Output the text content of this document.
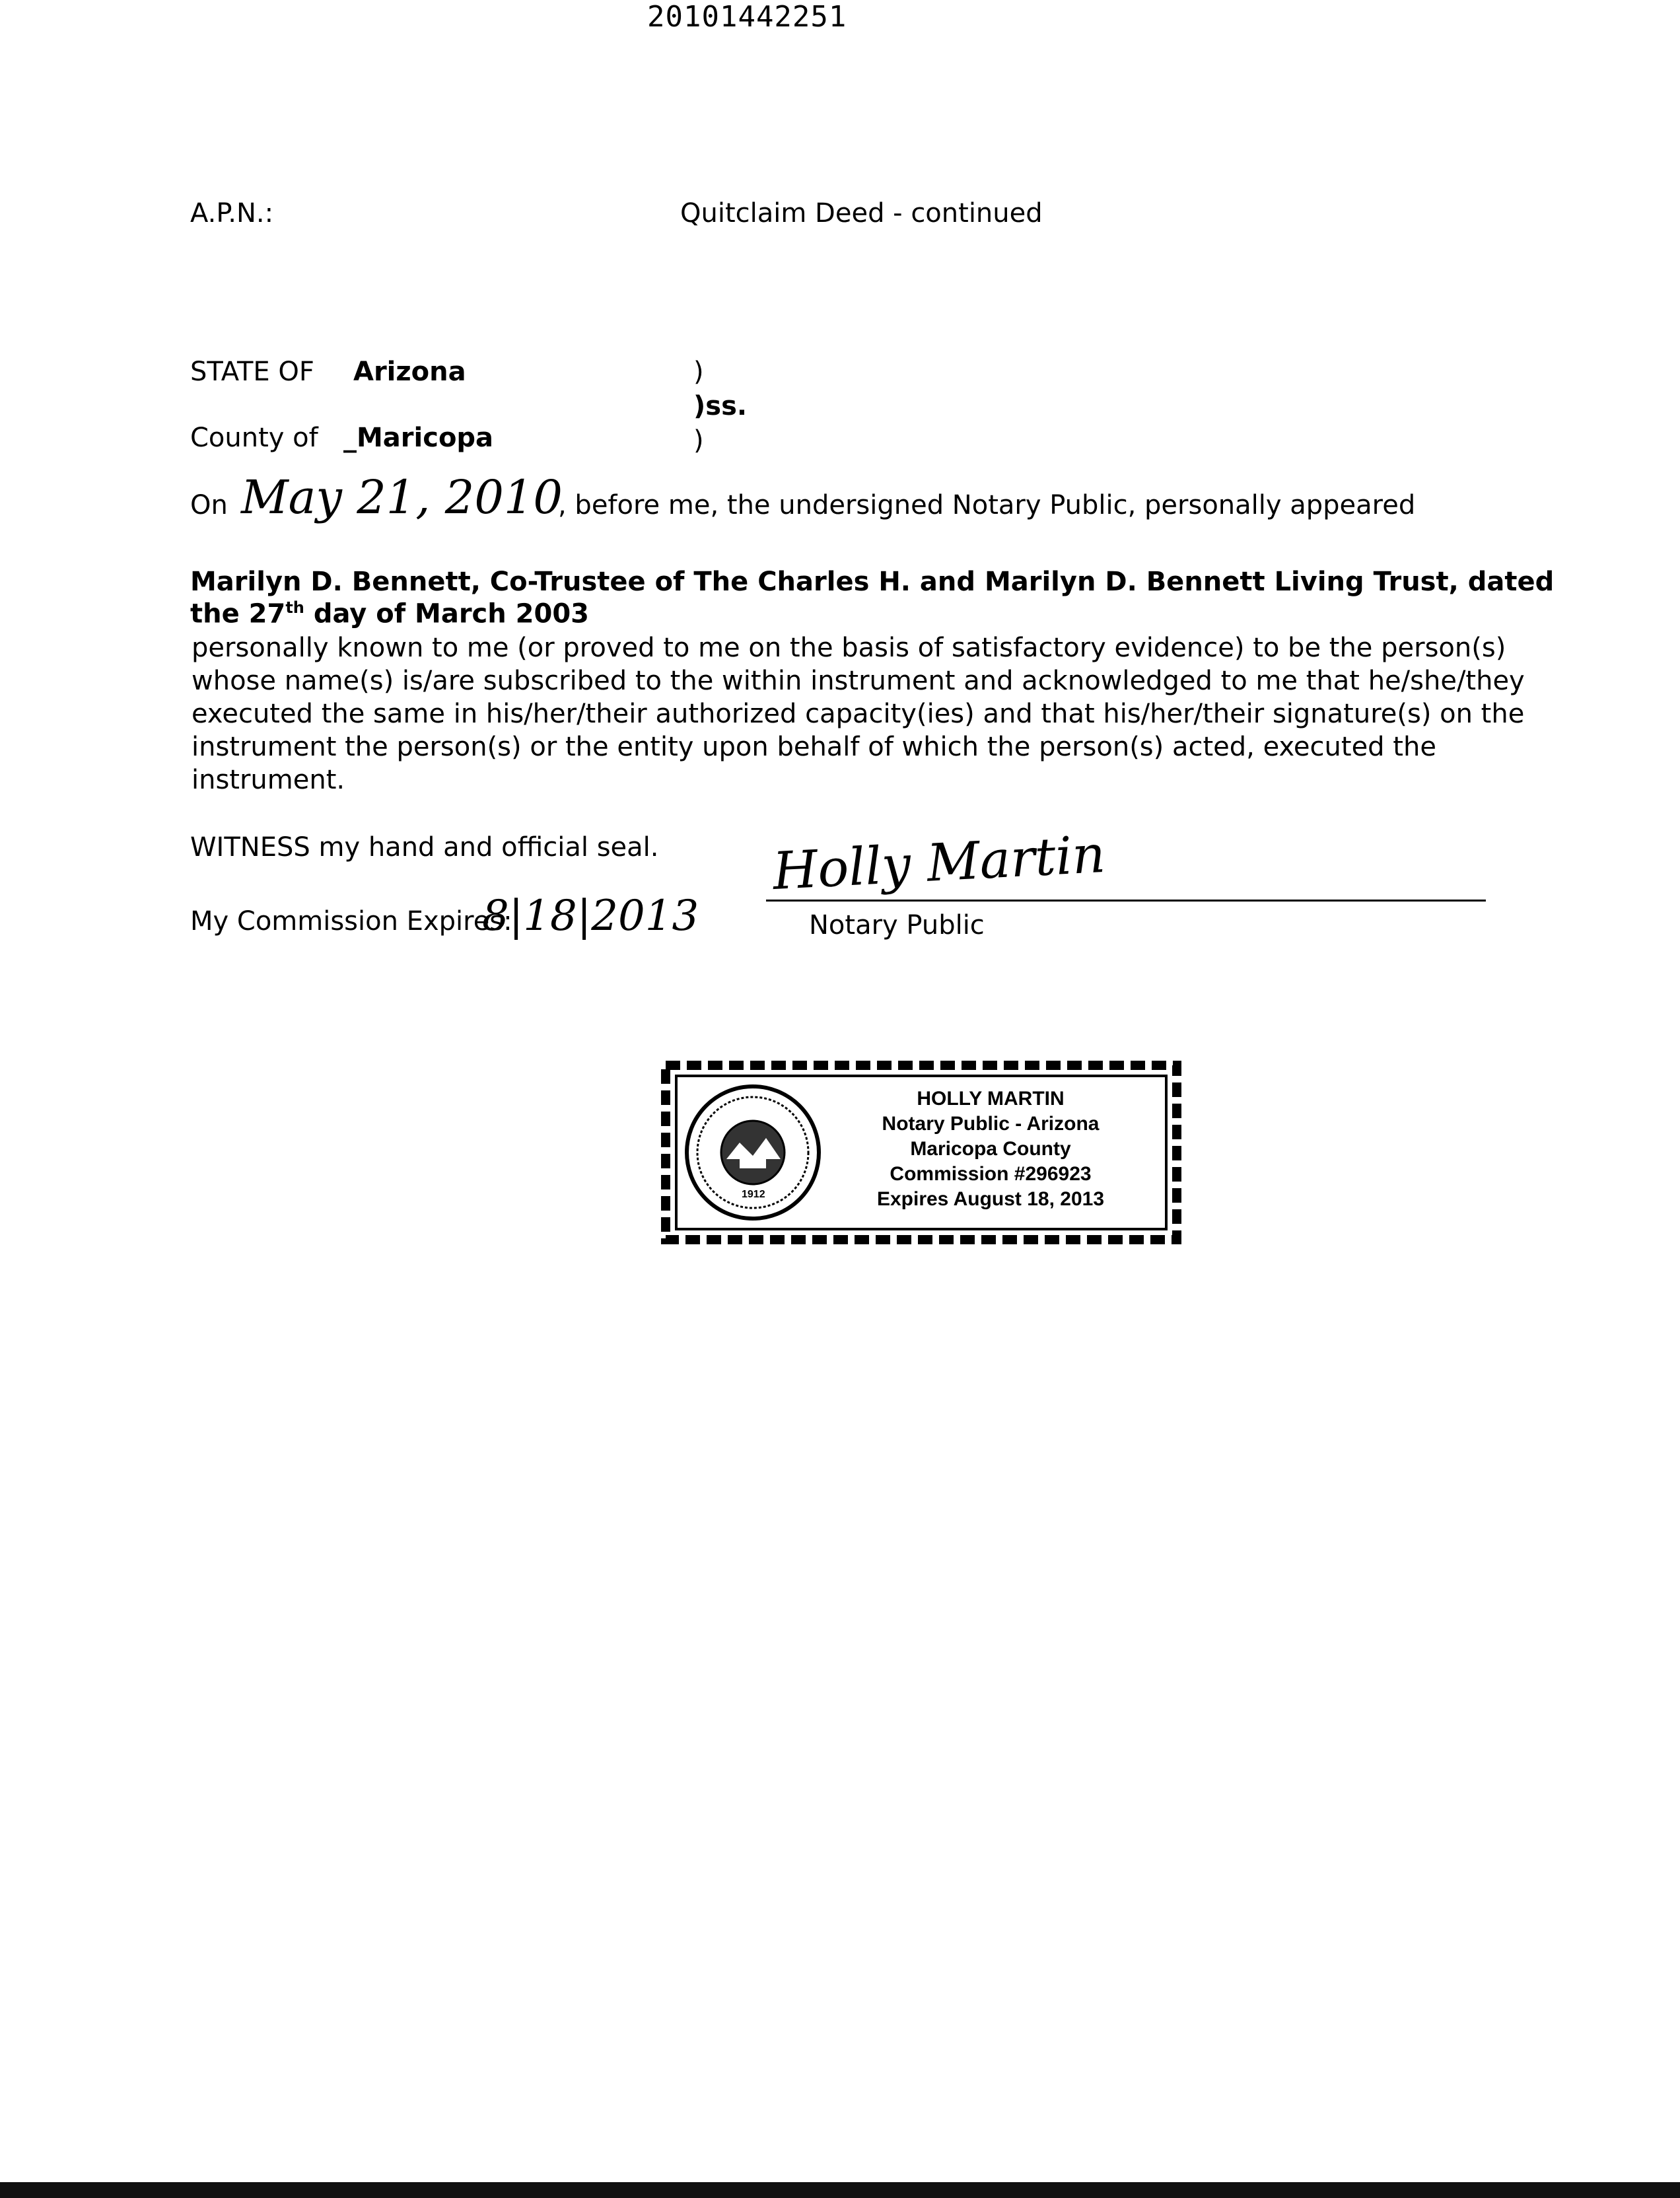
20101442251
A.P.N.:	Quitclaim Deed - continued
STATE OF Arizona	)
)ss.
County of _Maricopa	)
On May 21, 2010
, before me, the undersigned Notary Public, personally appeared
Marilyn D. Bennett, Co-Trustee of The Charles H. and Marilyn D. Bennett Living Trust, dated
the 27th day of March 2003
personally known to me (or proved to me on the basis of satisfactory evidence) to be the person(s)
whose name(s) is/are subscribed to the within instrument and acknowledged to me that he/she/they
executed the same in his/her/their authorized capacity(ies) and that his/her/their signature(s) on the
instrument the person(s) or the entity upon behalf of which the person(s) acted, executed the
instrument.
WITNESS my hand and official seal. Holly Martin
My Commission Expires:
8|18|2013	Notary Public
1912
HOLLY MARTIN
Notary Public - Arizona
Maricopa County
Commission #296923
Expires August 18, 2013
